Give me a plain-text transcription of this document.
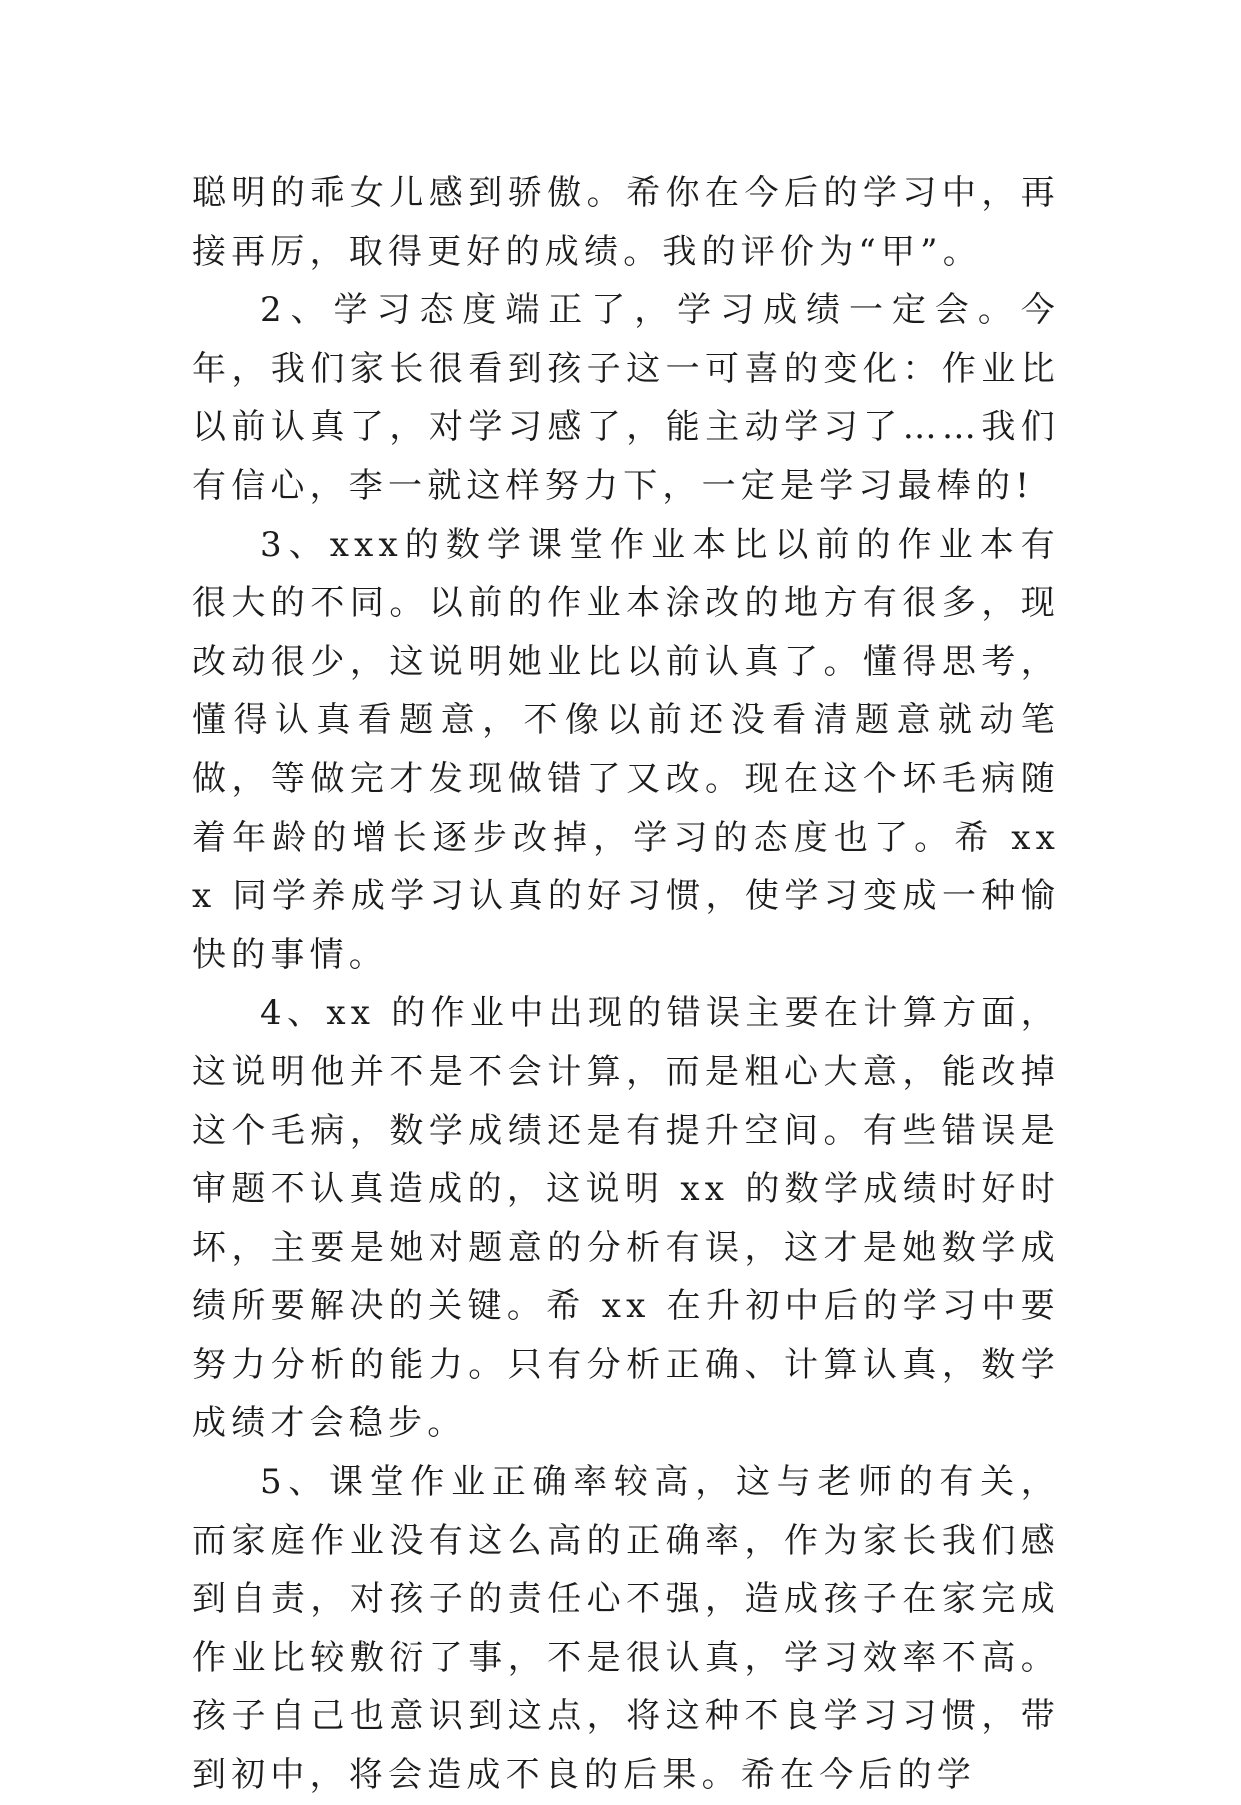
聪明的乖女儿感到骄傲。希你在今后的学习中，再接再厉，取得更好的成绩。我的评价为“甲”。

2、学习态度端正了，学习成绩一定会。今年，我们家长很看到孩子这一可喜的变化：作业比以前认真了，对学习感了，能主动学习了……我们有信心，李一就这样努力下，一定是学习最棒的!

3、xxx的数学课堂作业本比以前的作业本有很大的不同。以前的作业本涂改的地方有很多，现改动很少，这说明她业比以前认真了。懂得思考，懂得认真看题意，不像以前还没看清题意就动笔做，等做完才发现做错了又改。现在这个坏毛病随着年龄的增长逐步改掉，学习的态度也了。希 xxx 同学养成学习认真的好习惯，使学习变成一种愉快的事情。

4、xx 的作业中出现的错误主要在计算方面，这说明他并不是不会计算，而是粗心大意，能改掉这个毛病，数学成绩还是有提升空间。有些错误是审题不认真造成的，这说明 xx 的数学成绩时好时坏，主要是她对题意的分析有误，这才是她数学成绩所要解决的关键。希 xx 在升初中后的学习中要努力分析的能力。只有分析正确、计算认真，数学成绩才会稳步。

5、课堂作业正确率较高，这与老师的有关，而家庭作业没有这么高的正确率，作为家长我们感到自责，对孩子的责任心不强，造成孩子在家完成作业比较敷衍了事，不是很认真，学习效率不高。孩子自己也意识到这点，将这种不良学习习惯，带到初中，将会造成不良的后果。希在今后的学
